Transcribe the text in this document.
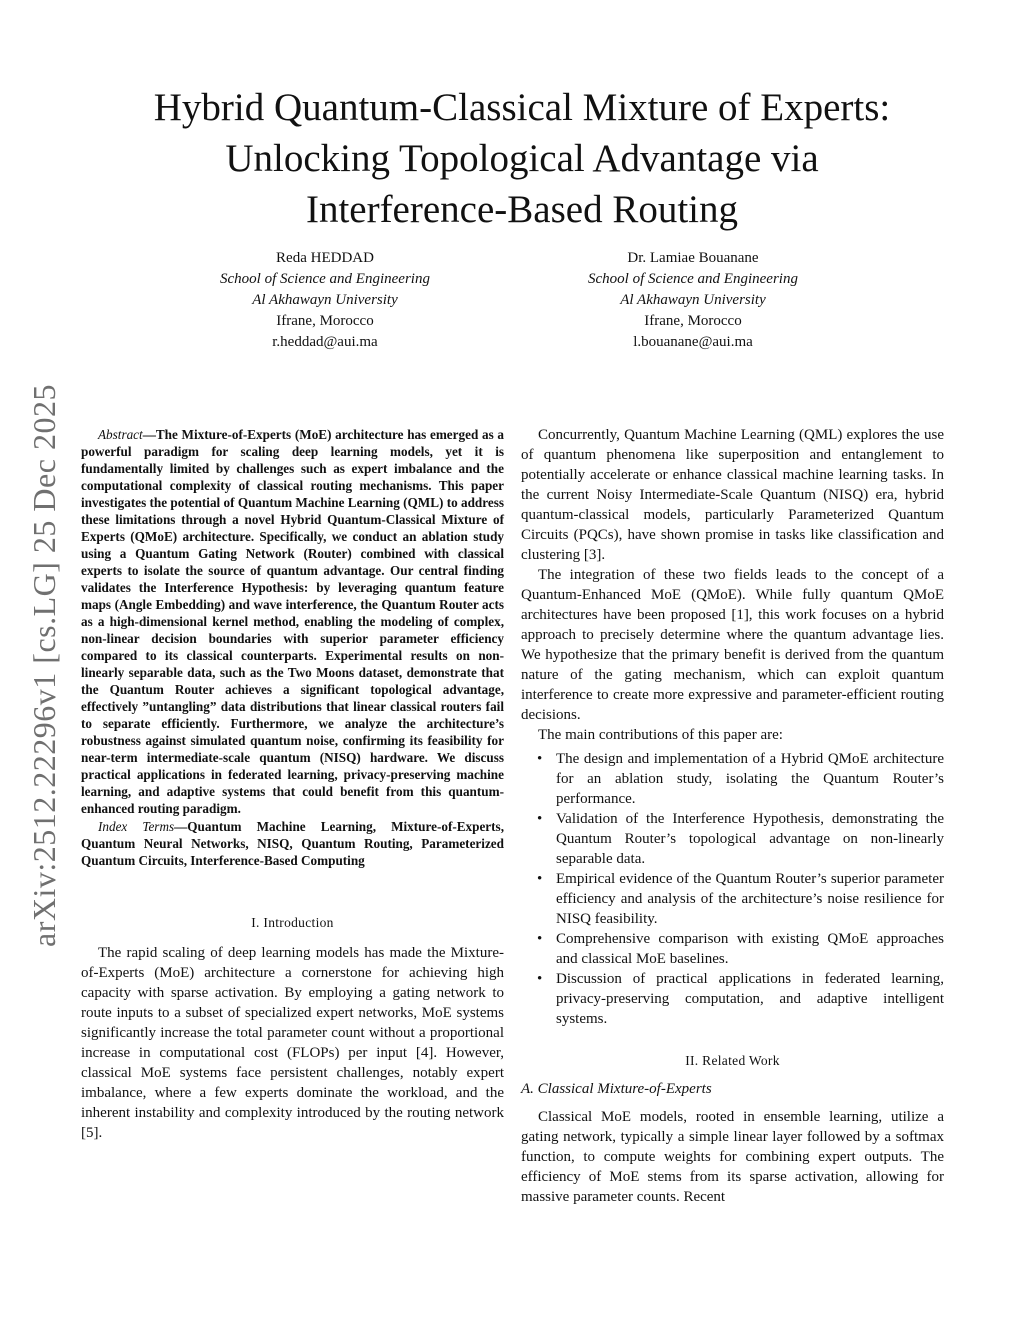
arXiv:2512.22296v1 [cs.LG] 25 Dec 2025
Hybrid Quantum-Classical Mixture of Experts:
Unlocking Topological Advantage via
Interference-Based Routing
Reda HEDDAD
School of Science and Engineering
Al Akhawayn University
Ifrane, Morocco
r.heddad@aui.ma
Dr. Lamiae Bouanane
School of Science and Engineering
Al Akhawayn University
Ifrane, Morocco
l.bouanane@aui.ma

Abstract—The Mixture-of-Experts (MoE) architecture has emerged as a powerful paradigm for scaling deep learning models, yet it is fundamentally limited by challenges such as expert imbalance and the computational complexity of classical routing mechanisms. This paper investigates the potential of Quantum Machine Learning (QML) to address these limitations through a novel Hybrid Quantum-Classical Mixture of Experts (QMoE) architecture. Specifically, we conduct an ablation study using a Quantum Gating Network (Router) combined with classical experts to isolate the source of quantum advantage. Our central finding validates the Interference Hypothesis: by leveraging quantum feature maps (Angle Embedding) and wave interference, the Quantum Router acts as a high-dimensional kernel method, enabling the modeling of complex, non-linear decision boundaries with superior parameter efficiency compared to its classical counterparts. Experimental results on non-linearly separable data, such as the Two Moons dataset, demonstrate that the Quantum Router achieves a significant topological advantage, effectively ”untangling” data distributions that linear classical routers fail to separate efficiently. Furthermore, we analyze the architecture’s robustness against simulated quantum noise, confirming its feasibility for near-term intermediate-scale quantum (NISQ) hardware. We discuss practical applications in federated learning, privacy-preserving machine learning, and adaptive systems that could benefit from this quantum-enhanced routing paradigm.

Index Terms—Quantum Machine Learning, Mixture-of-Experts, Quantum Neural Networks, NISQ, Quantum Routing, Parameterized Quantum Circuits, Interference-Based Computing

I. Introduction

The rapid scaling of deep learning models has made the Mixture-of-Experts (MoE) architecture a cornerstone for achieving high capacity with sparse activation. By employing a gating network to route inputs to a subset of specialized expert networks, MoE systems significantly increase the total parameter count without a proportional increase in computational cost (FLOPs) per input [4]. However, classical MoE systems face persistent challenges, notably expert imbalance, where a few experts dominate the workload, and the inherent instability and complexity introduced by the routing network [5].

Concurrently, Quantum Machine Learning (QML) explores the use of quantum phenomena like superposition and entanglement to potentially accelerate or enhance classical machine learning tasks. In the current Noisy Intermediate-Scale Quantum (NISQ) era, hybrid quantum-classical models, particularly Parameterized Quantum Circuits (PQCs), have shown promise in tasks like classification and clustering [3].

The integration of these two fields leads to the concept of a Quantum-Enhanced MoE (QMoE). While fully quantum QMoE architectures have been proposed [1], this work focuses on a hybrid approach to precisely determine where the quantum advantage lies. We hypothesize that the primary benefit is derived from the quantum nature of the gating mechanism, which can exploit quantum interference to create more expressive and parameter-efficient routing decisions.

The main contributions of this paper are:

• The design and implementation of a Hybrid QMoE architecture for an ablation study, isolating the Quantum Router’s performance.
• Validation of the Interference Hypothesis, demonstrating the Quantum Router’s topological advantage on non-linearly separable data.
• Empirical evidence of the Quantum Router’s superior parameter efficiency and analysis of the architecture’s noise resilience for NISQ feasibility.
• Comprehensive comparison with existing QMoE approaches and classical MoE baselines.
• Discussion of practical applications in federated learning, privacy-preserving computation, and adaptive intelligent systems.
II. Related Work
A. Classical Mixture-of-Experts

Classical MoE models, rooted in ensemble learning, utilize a gating network, typically a simple linear layer followed by a softmax function, to compute weights for combining expert outputs. The efficiency of MoE stems from its sparse activation, allowing for massive parameter counts. Recent
